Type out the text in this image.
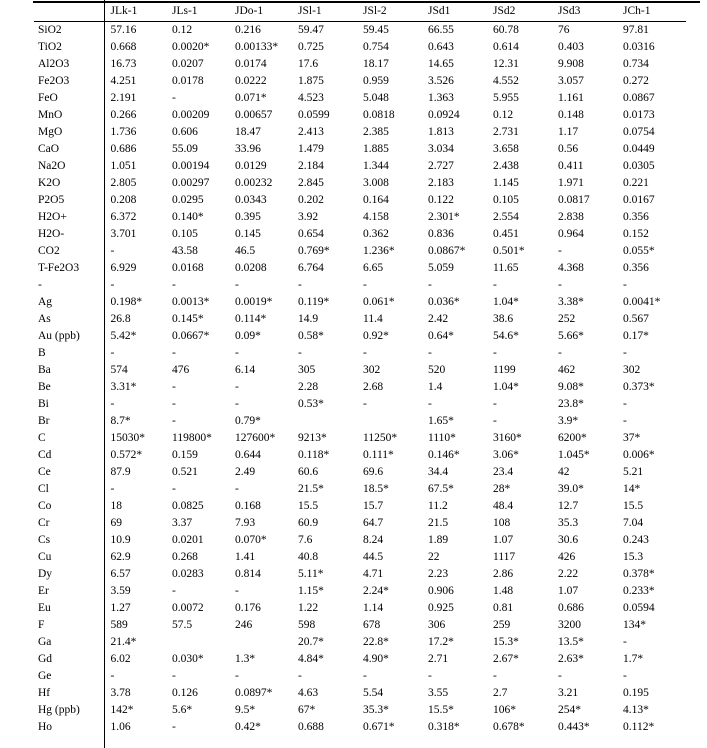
	JLk-1	JLs-1	JDo-1	JSl-1	JSl-2	JSd1	JSd2	JSd3	JCh-1
SiO2	57.16	0.12	0.216	59.47	59.45	66.55	60.78	76	97.81
TiO2	0.668	0.0020*	0.00133*	0.725	0.754	0.643	0.614	0.403	0.0316
Al2O3	16.73	0.0207	0.0174	17.6	18.17	14.65	12.31	9.908	0.734
Fe2O3	4.251	0.0178	0.0222	1.875	0.959	3.526	4.552	3.057	0.272
FeO	2.191	-	0.071*	4.523	5.048	1.363	5.955	1.161	0.0867
MnO	0.266	0.00209	0.00657	0.0599	0.0818	0.0924	0.12	0.148	0.0173
MgO	1.736	0.606	18.47	2.413	2.385	1.813	2.731	1.17	0.0754
CaO	0.686	55.09	33.96	1.479	1.885	3.034	3.658	0.56	0.0449
Na2O	1.051	0.00194	0.0129	2.184	1.344	2.727	2.438	0.411	0.0305
K2O	2.805	0.00297	0.00232	2.845	3.008	2.183	1.145	1.971	0.221
P2O5	0.208	0.0295	0.0343	0.202	0.164	0.122	0.105	0.0817	0.0167
H2O+	6.372	0.140*	0.395	3.92	4.158	2.301*	2.554	2.838	0.356
H2O-	3.701	0.105	0.145	0.654	0.362	0.836	0.451	0.964	0.152
CO2	-	43.58	46.5	0.769*	1.236*	0.0867*	0.501*	-	0.055*
T-Fe2O3	6.929	0.0168	0.0208	6.764	6.65	5.059	11.65	4.368	0.356
-	-	-	-	-	-	-	-	-	-
Ag	0.198*	0.0013*	0.0019*	0.119*	0.061*	0.036*	1.04*	3.38*	0.0041*
As	26.8	0.145*	0.114*	14.9	11.4	2.42	38.6	252	0.567
Au (ppb)	5.42*	0.0667*	0.09*	0.58*	0.92*	0.64*	54.6*	5.66*	0.17*
B	-	-	-	-	-	-	-	-	-
Ba	574	476	6.14	305	302	520	1199	462	302
Be	3.31*	-	-	2.28	2.68	1.4	1.04*	9.08*	0.373*
Bi	-	-	-	0.53*	-	-	-	23.8*	-
Br	8.7*	-	0.79*			1.65*	-	3.9*	-
C	15030*	119800*	127600*	9213*	11250*	1110*	3160*	6200*	37*
Cd	0.572*	0.159	0.644	0.118*	0.111*	0.146*	3.06*	1.045*	0.006*
Ce	87.9	0.521	2.49	60.6	69.6	34.4	23.4	42	5.21
Cl	-	-	-	21.5*	18.5*	67.5*	28*	39.0*	14*
Co	18	0.0825	0.168	15.5	15.7	11.2	48.4	12.7	15.5
Cr	69	3.37	7.93	60.9	64.7	21.5	108	35.3	7.04
Cs	10.9	0.0201	0.070*	7.6	8.24	1.89	1.07	30.6	0.243
Cu	62.9	0.268	1.41	40.8	44.5	22	1117	426	15.3
Dy	6.57	0.0283	0.814	5.11*	4.71	2.23	2.86	2.22	0.378*
Er	3.59	-	-	1.15*	2.24*	0.906	1.48	1.07	0.233*
Eu	1.27	0.0072	0.176	1.22	1.14	0.925	0.81	0.686	0.0594
F	589	57.5	246	598	678	306	259	3200	134*
Ga	21.4*			20.7*	22.8*	17.2*	15.3*	13.5*	-
Gd	6.02	0.030*	1.3*	4.84*	4.90*	2.71	2.67*	2.63*	1.7*
Ge	-	-	-	-	-	-	-	-	-
Hf	3.78	0.126	0.0897*	4.63	5.54	3.55	2.7	3.21	0.195
Hg (ppb)	142*	5.6*	9.5*	67*	35.3*	15.5*	106*	254*	4.13*
Ho	1.06	-	0.42*	0.688	0.671*	0.318*	0.678*	0.443*	0.112*
